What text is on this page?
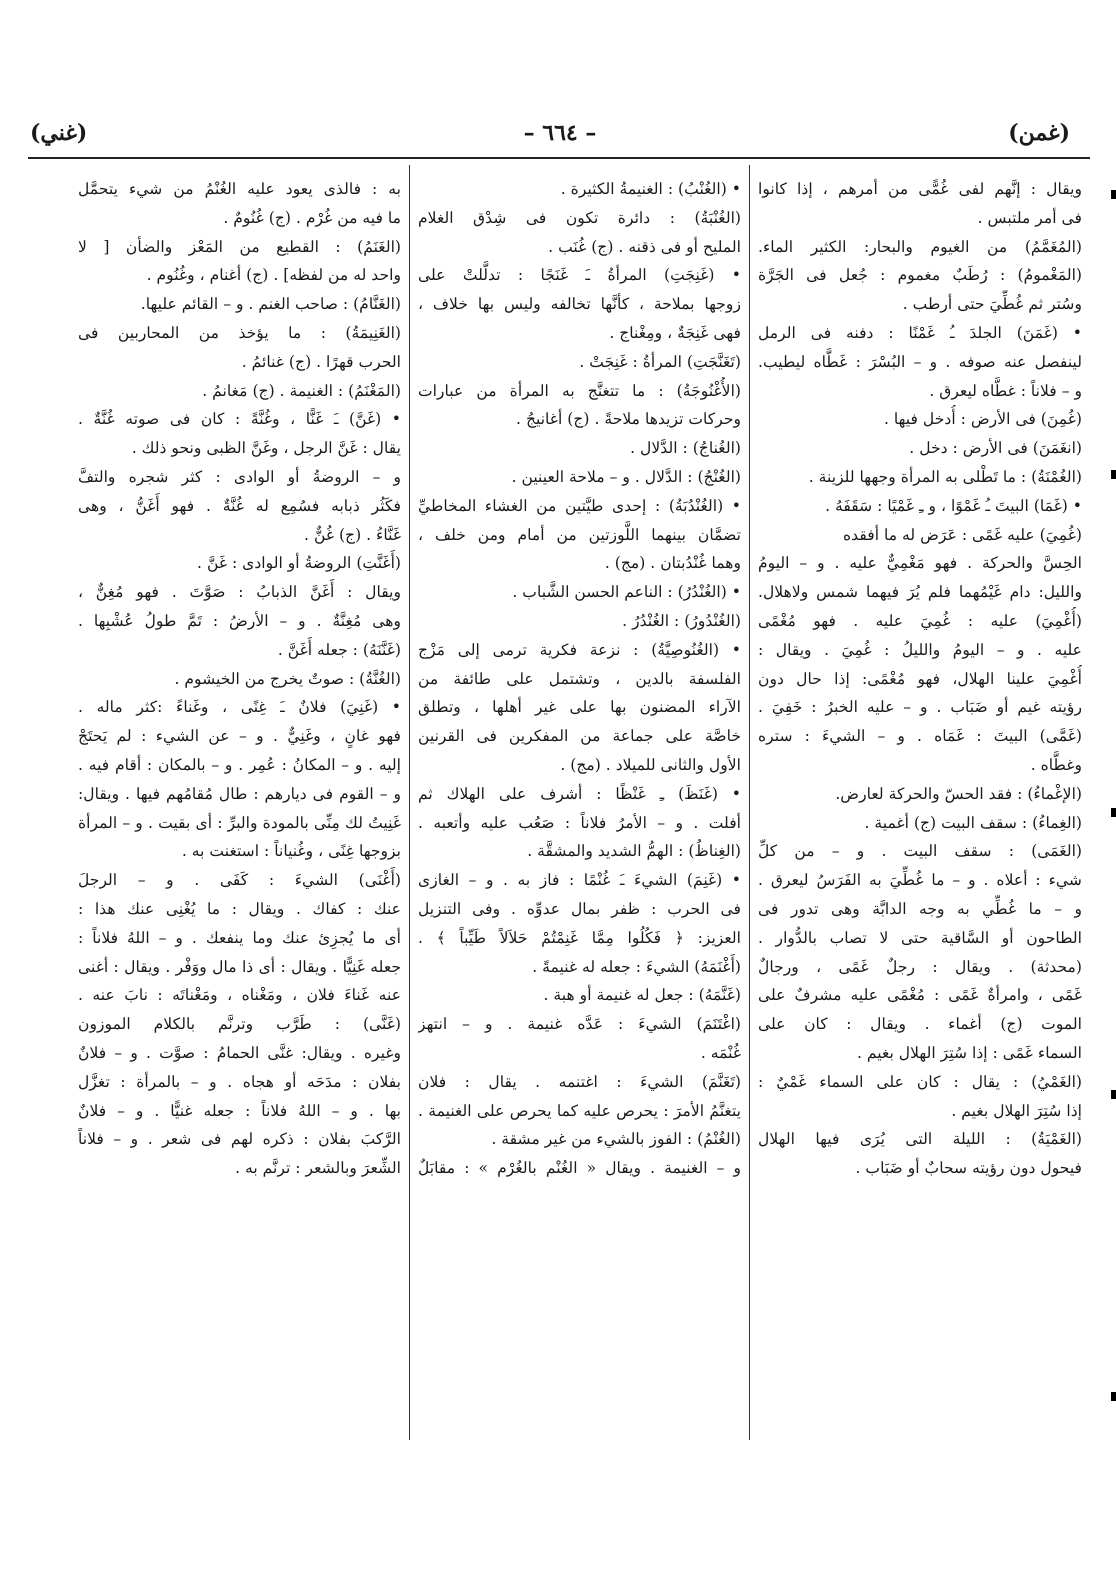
(غمن)
– ٦٦٤ –
(غني)
ويقال : إنَّهم لفى غُمًّى من أمرهم ، إذا كانوا
فى أمر ملتبس .
(المُغَمَّمُ) من الغيوم والبحار: الكثير الماء.
(المَغْمومُ) : رُطَبٌ مغموم : جُعل فى الجَرَّة
وسُتر ثم غُطِّيَ حتى أرطب .
• (غَمَنَ) الجلدَ ـُ غَمْنًا : دفنه فى الرمل
لينفصل عنه صوفه . و – البُسْرَ : غَطَّاه ليطيب.
و – فلاناً : غطَّاه ليعرق .
(غُمِنَ) فى الأرض : أُدخل فيها .
(انغَمَنَ) فى الأرض : دخل .
(الغُمْنَةُ) : ما تَطْلى به المرأة وجهها للزينة .
• (غَمَا) البيتَ ـُ غَمْوًا ، و ـِ غَمْيًا : سَقَفَهُ .
(غُمِيَ) عليه غَمًى : عَرَض له ما أفقده
الحِسَّ والحركة . فهو مَغْمِيٌّ عليه . و – اليومُ
والليل: دام غَيْمُهما فلم يُرَ فيهما شمس ولاهلال.
(أُغْمِيَ) عليه : غُمِيَ عليه . فهو مُغْمًى
عليه . و – اليومُ والليلُ : غُمِيَ . ويقال :
أُغْمِيَ علينا الهلال، فهو مُغْمًى: إذا حال دون
رؤيته غيم أو ضَبَاب . و – عليه الخبرُ : خَفِيَ .
(غَمَّى) البيتَ : غَمَاه . و – الشيءَ : ستره
وغطَّاه .
(الإغْماءُ) : فقد الحسّ والحركة لعارض.
(الغِماءُ) : سقف البيت (ج) أغمية .
(الغَمَى) : سقف البيت . و – من كلِّ
شيء : أعلاه . و – ما غُطِّيَ به الفَرَسُ ليعرق .
و – ما غُطِّي به وجه الدابَّة وهى تدور فى
الطاحون أو السَّاقية حتى لا تصاب بالدُّوار .
(محدثة) . ويقال : رجلٌ غَمًى ، ورجالٌ
غَمًى ، وامرأةٌ غَمًى : مُغْمًى عليه مشرفٌ على
الموت (ج) أغماء . ويقال : كان على
السماء غَمًى : إذا سُتِرَ الهلال بغيم .
(الغَمْيُ) : يقال : كان على السماء غَمْيٌ :
إذا سُتِرَ الهلال بغيم .
(الغَمْيَةُ) : الليلة التى يُرَى فيها الهلال
فيحول دون رؤيته سحابٌ أو ضَبَاب .
• (الغُنْبُ) : الغنيمةُ الكثيرة .
(الغُنْبَةُ) : دائرة تكون فى شِدْق الغلام
المليح أو فى ذقنه . (ج) غُنَب .
• (غَنِجَتِ) المرأةُ ـَ غَنَجًا : تدلَّلتْ على
زوجها بملاحة ، كأنَّها تخالفه وليس بها خلاف ،
فهى غَنِجَةٌ ، ومِغْناج .
(تَغَنَّجَتِ) المرأةُ : غَنِجَتْ .
(الأُغْنُوجَةُ) : ما تتغنَّج به المرأة من عبارات
وحركات تزيدها ملاحةً . (ج) أغانيجُ .
(الغُناجُ) : الدَّلال .
(الغُنْجُ) : الدَّلال . و – ملاحة العينين .
• (الغُنْدُبَةُ) : إحدى طيَّتين من الغشاء المخاطيِّ
تضمَّان بينهما اللَّوزتين من أمام ومن خلف ،
وهما غُنْدُبتان . (مج) .
• (الغُنْدُرُ) : الناعم الحسن الشَّباب .
(الغُنْدُورُ) : الغُنْدُرُ .
• (الغُنُوصِيَّةُ) : نزعة فكرية ترمى إلى مَزْج
الفلسفة بالدين ، وتشتمل على طائفة من
الآراء المضنون بها على غير أهلها ، وتطلق
خاصَّة على جماعة من المفكرين فى القرنين
الأول والثانى للميلاد . (مج) .
• (غَنَظَ) ـِ غَنْظًا : أشرف على الهلاك ثم
أفلت . و – الأمرُ فلاناً : صَعُب عليه وأتعبه .
(الغِناظُ) : الهمُّ الشديد والمشقَّة .
• (غَنِمَ) الشيءَ ـَ غُنْمًا : فاز به . و – الغازى
فى الحرب : ظفر بمال عدوِّه . وفى التنزيل
العزيز: ﴿ فَكُلُوا مِمَّا غَنِمْتُمْ حَلاَلاً طَيِّباً ﴾ .
(أَغْنَمَهُ) الشيءَ : جعله له غنيمةً .
(غَنَّمَهُ) : جعل له غنيمة أو هبة .
(اغْتَنَمَ) الشيءَ : عَدَّه غنيمة . و – انتهز
غُنْمَه .
(تَغَنَّمَ) الشيءَ : اغتنمه . يقال : فلان
يتغنَّمُ الأمرَ : يحرص عليه كما يحرص على الغنيمة .
(الغُنْمُ) : الفوز بالشيء من غير مشقة .
و – الغنيمة . ويقال « الغُنْم بالغُرْم » : مقابَلٌ
به : فالذى يعود عليه الغُنْمُ من شيء يتحمَّل
ما فيه من غُرْم . (ج) غُنُومٌ .
(الغَنَمُ) : القطيع من المَعْز والضأن [ لا
واحد له من لفظه] . (ج) أغنام ، وغُنُوم .
(الغَنَّامُ) : صاحب الغنم . و – القائم عليها.
(الغَنِيمَةُ) : ما يؤخذ من المحاربين فى
الحرب قهرًا . (ج) غنائمُ .
(المَغْنَمُ) : الغنيمة . (ج) مَغانمُ .
• (غَنَّ) ـَ غَنًّا ، وغُنَّةً : كان فى صوته غُنَّةٌ .
يقال : غَنَّ الرجل ، وغَنَّ الظبى ونحو ذلك .
و – الروضةُ أو الوادى : كثر شجره والتفَّ
فكَثُر ذبابه فسُمِع له غُنَّةٌ . فهو أَغَنُّ ، وهى
غَنَّاءُ . (ج) غُنٌّ .
(أَغَنَّتِ) الروضةُ أو الوادى : غَنَّ .
ويقال : أَغَنَّ الذبابُ : صَوَّتَ . فهو مُغِنٌّ ،
وهى مُغِنَّةٌ . و – الأرضُ : تَمَّ طولُ عُشْبِها .
(غَنَّنَهُ) : جعله أَغَنَّ .
(الغُنَّةُ) : صوتٌ يخرج من الخيشوم .
• (غَنِيَ) فلانٌ ـَ غِنًى ، وغَناءً :كثر ماله .
فهو غانٍ ، وغَنِيٌّ . و – عن الشيء : لم يَحتَجْ
إليه . و – المكانُ : عُمِر . و – بالمكان : أقام فيه .
و – القوم فى ديارهم : طال مُقامُهم فيها . ويقال:
غَنِيتُ لك مِنِّى بالمودة والبرِّ : أى بقيت . و – المرأة
بزوجها غِنًى ، وغُنياناً : استغنت به .
(أَغْنَى) الشيءَ : كَفَى . و – الرجلَ
عنك : كفاك . ويقال : ما يُغْنِى عنك هذا :
أى ما يُجزِئ عنك وما ينفعك . و – اللهُ فلاناً :
جعله غَنِيًّا . ويقال : أى ذا مال ووَفْر . ويقال : أغنى
عنه غَناءَ فلان ، ومَغْناه ، ومَغْناتَه : نابَ عنه .
(غَنَّى) : طَرَّب وترنَّم بالكلام الموزون
وغيره . ويقال: غنَّى الحمامُ : صوَّت . و – فلانٌ
بفلان : مدَحَه أو هجاه . و – بالمرأة : تغزَّل
بها . و – اللهُ فلاناً : جعله غنيًّا . و – فلانٌ
الرَّكبَ بفلان : ذكره لهم فى شعر . و – فلاناً
الشِّعرَ وبالشعر : ترنَّم به .
